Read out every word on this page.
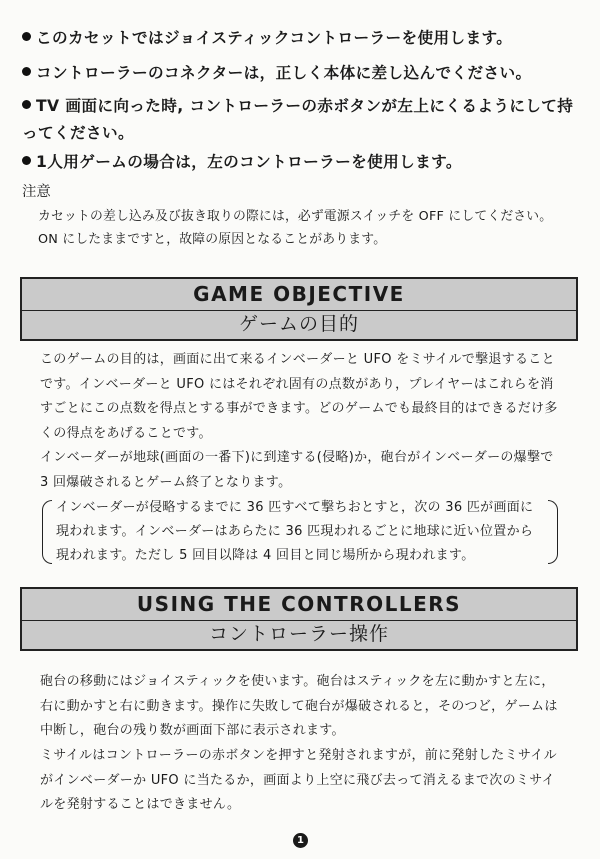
このカセットではジョイスティックコントローラーを使用します。
コントローラーのコネクターは，正しく本体に差し込んでください。
TV 画面に向った時, コントローラーの赤ボタンが左上にくるようにして持ってください。
1人用ゲームの場合は，左のコントローラーを使用します。
注意
カセットの差し込み及び抜き取りの際には，必ず電源スイッチを OFF にしてください。
ON にしたままですと，故障の原因となることがあります。
GAME OBJECTIVE
ゲームの目的
このゲームの目的は，画面に出て来るインベーダーと UFO をミサイルで撃退することです。インベーダーと UFO にはそれぞれ固有の点数があり，プレイヤーはこれらを消すごとにこの点数を得点とする事ができます。どのゲームでも最終目的はできるだけ多くの得点をあげることです。
インベーダーが地球(画面の一番下)に到達する(侵略)か，砲台がインベーダーの爆撃で 3 回爆破されるとゲーム終了となります。
インベーダーが侵略するまでに 36 匹すべて撃ちおとすと，次の 36 匹が画面に
現われます。インベーダーはあらたに 36 匹現われるごとに地球に近い位置から
現われます。ただし 5 回目以降は 4 回目と同じ場所から現われます。
USING THE CONTROLLERS
コントローラー操作
砲台の移動にはジョイスティックを使います。砲台はスティックを左に動かすと左に，右に動かすと右に動きます。操作に失敗して砲台が爆破されると，そのつど，ゲームは中断し，砲台の残り数が画面下部に表示されます。
ミサイルはコントローラーの赤ボタンを押すと発射されますが，前に発射したミサイルがインベーダーか UFO に当たるか，画面より上空に飛び去って消えるまで次のミサイルを発射することはできません。
1
